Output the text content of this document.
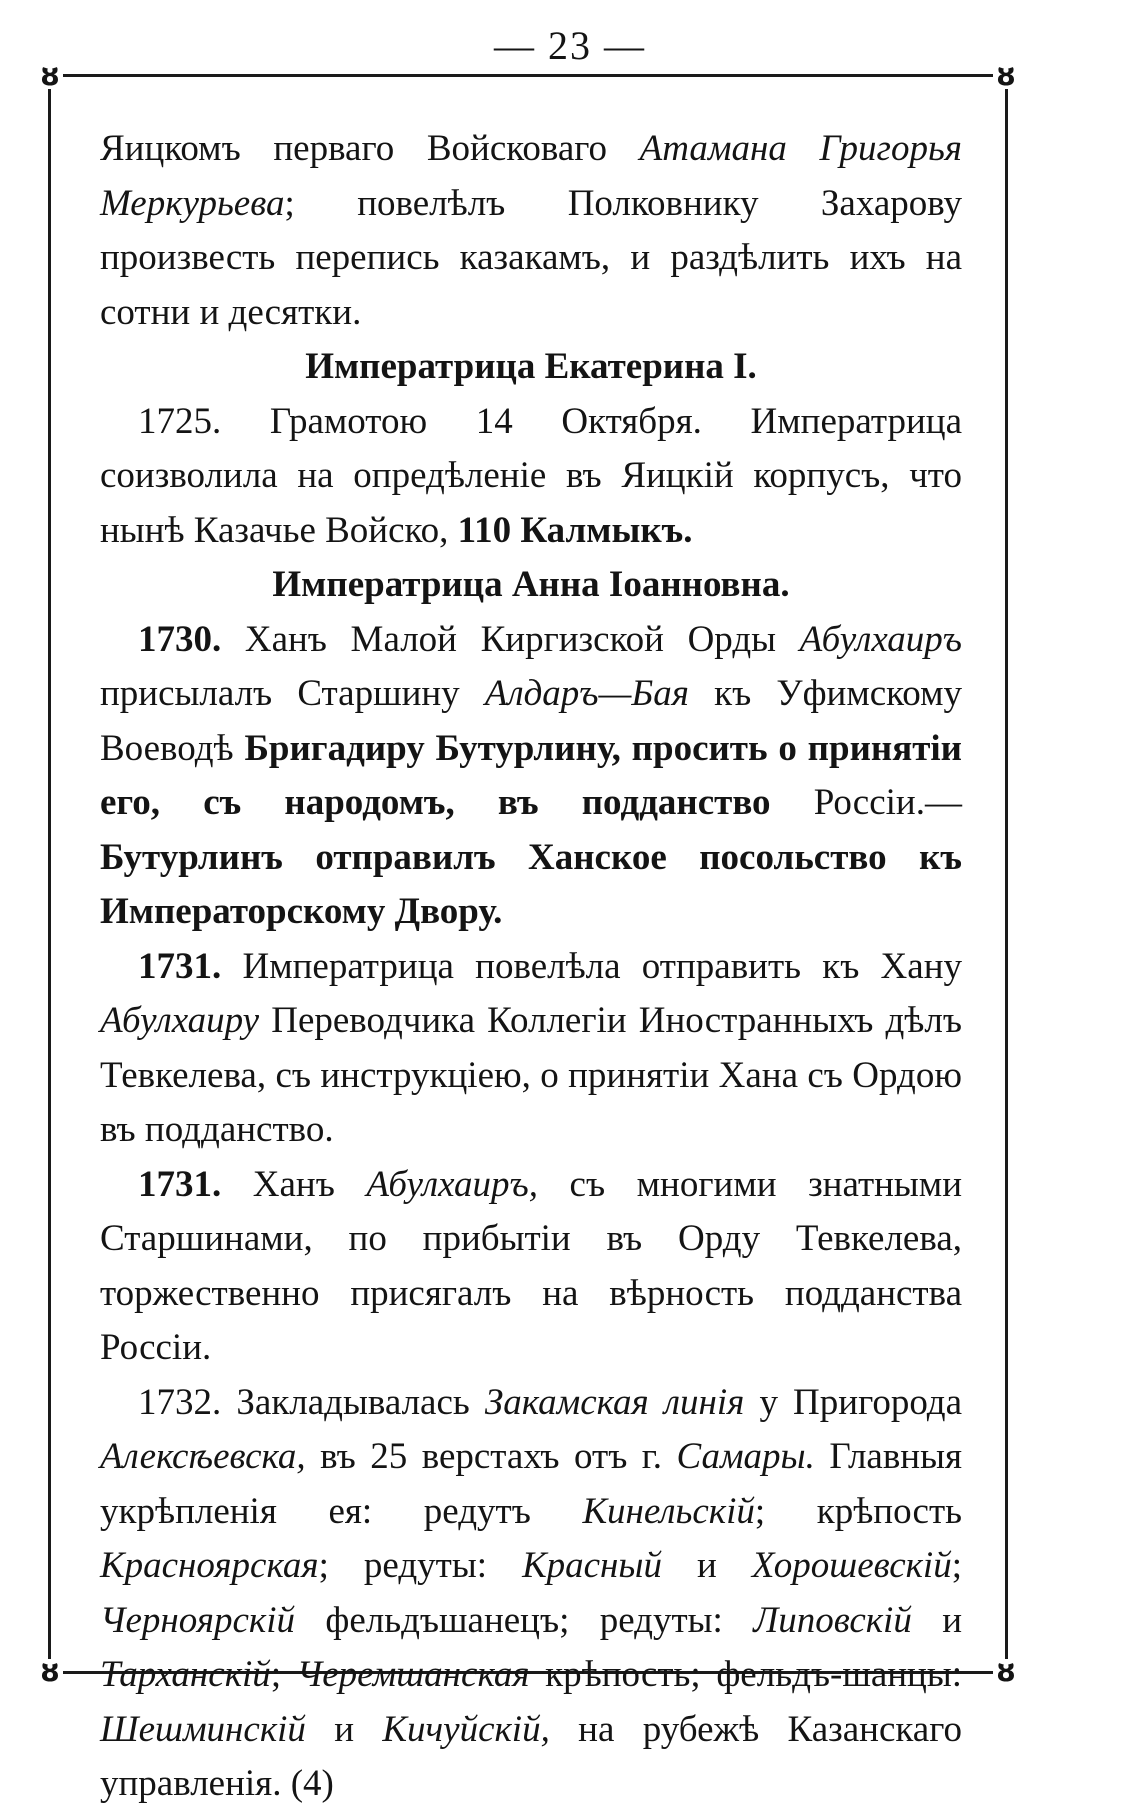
— 23 —
ȣ	ȣ
ȣ	ȣ

Яицкомъ перваго Войсковаго Атамана Григорья Меркурьева; повелѣлъ Полковнику Захарову произвесть перепись казакамъ, и раздѣлить ихъ на сотни и десятки.

Императрица Екатерина I.

1725. Грамотою 14 Октября. Императрица соизволила на опредѣленіе въ Яицкій корпусъ, что нынѣ Казачье Войско, 110 Калмыкъ.

Императрица Анна Іоанновна.

1730. Ханъ Малой Киргизской Орды Абулхаиръ присылалъ Старшину Алдаръ—Бая къ Уфимскому Воеводѣ Бригадиру Бутурлину, просить о принятіи его, съ народомъ, въ подданство Россіи.—Бутурлинъ отправилъ Ханское посольство къ Императорскому Двору.

1731. Императрица повелѣла отправить къ Хану Абулхаиру Переводчика Коллегіи Иностранныхъ дѣлъ Тевкелева, съ инструкціею, о принятіи Хана съ Ордою въ подданство.

1731. Ханъ Абулхаиръ, съ многими знатными Старшинами, по прибытіи въ Орду Тевкелева, торжественно присягалъ на вѣрность подданства Россіи.

1732. Закладывалась Закамская линія у Пригорода Алексѣевска, въ 25 верстахъ отъ г. Самары. Главныя укрѣпленія ея: редутъ Кинельскій; крѣпость Красноярская; редуты: Красный и Хорошевскій; Черноярскій фельдъшанецъ; редуты: Липовскій и Тарханскій; Черемшанская крѣпость; фельдъ-шанцы: Шешминскій и Кичуйскій, на рубежѣ Казанскаго управленія. (4)
